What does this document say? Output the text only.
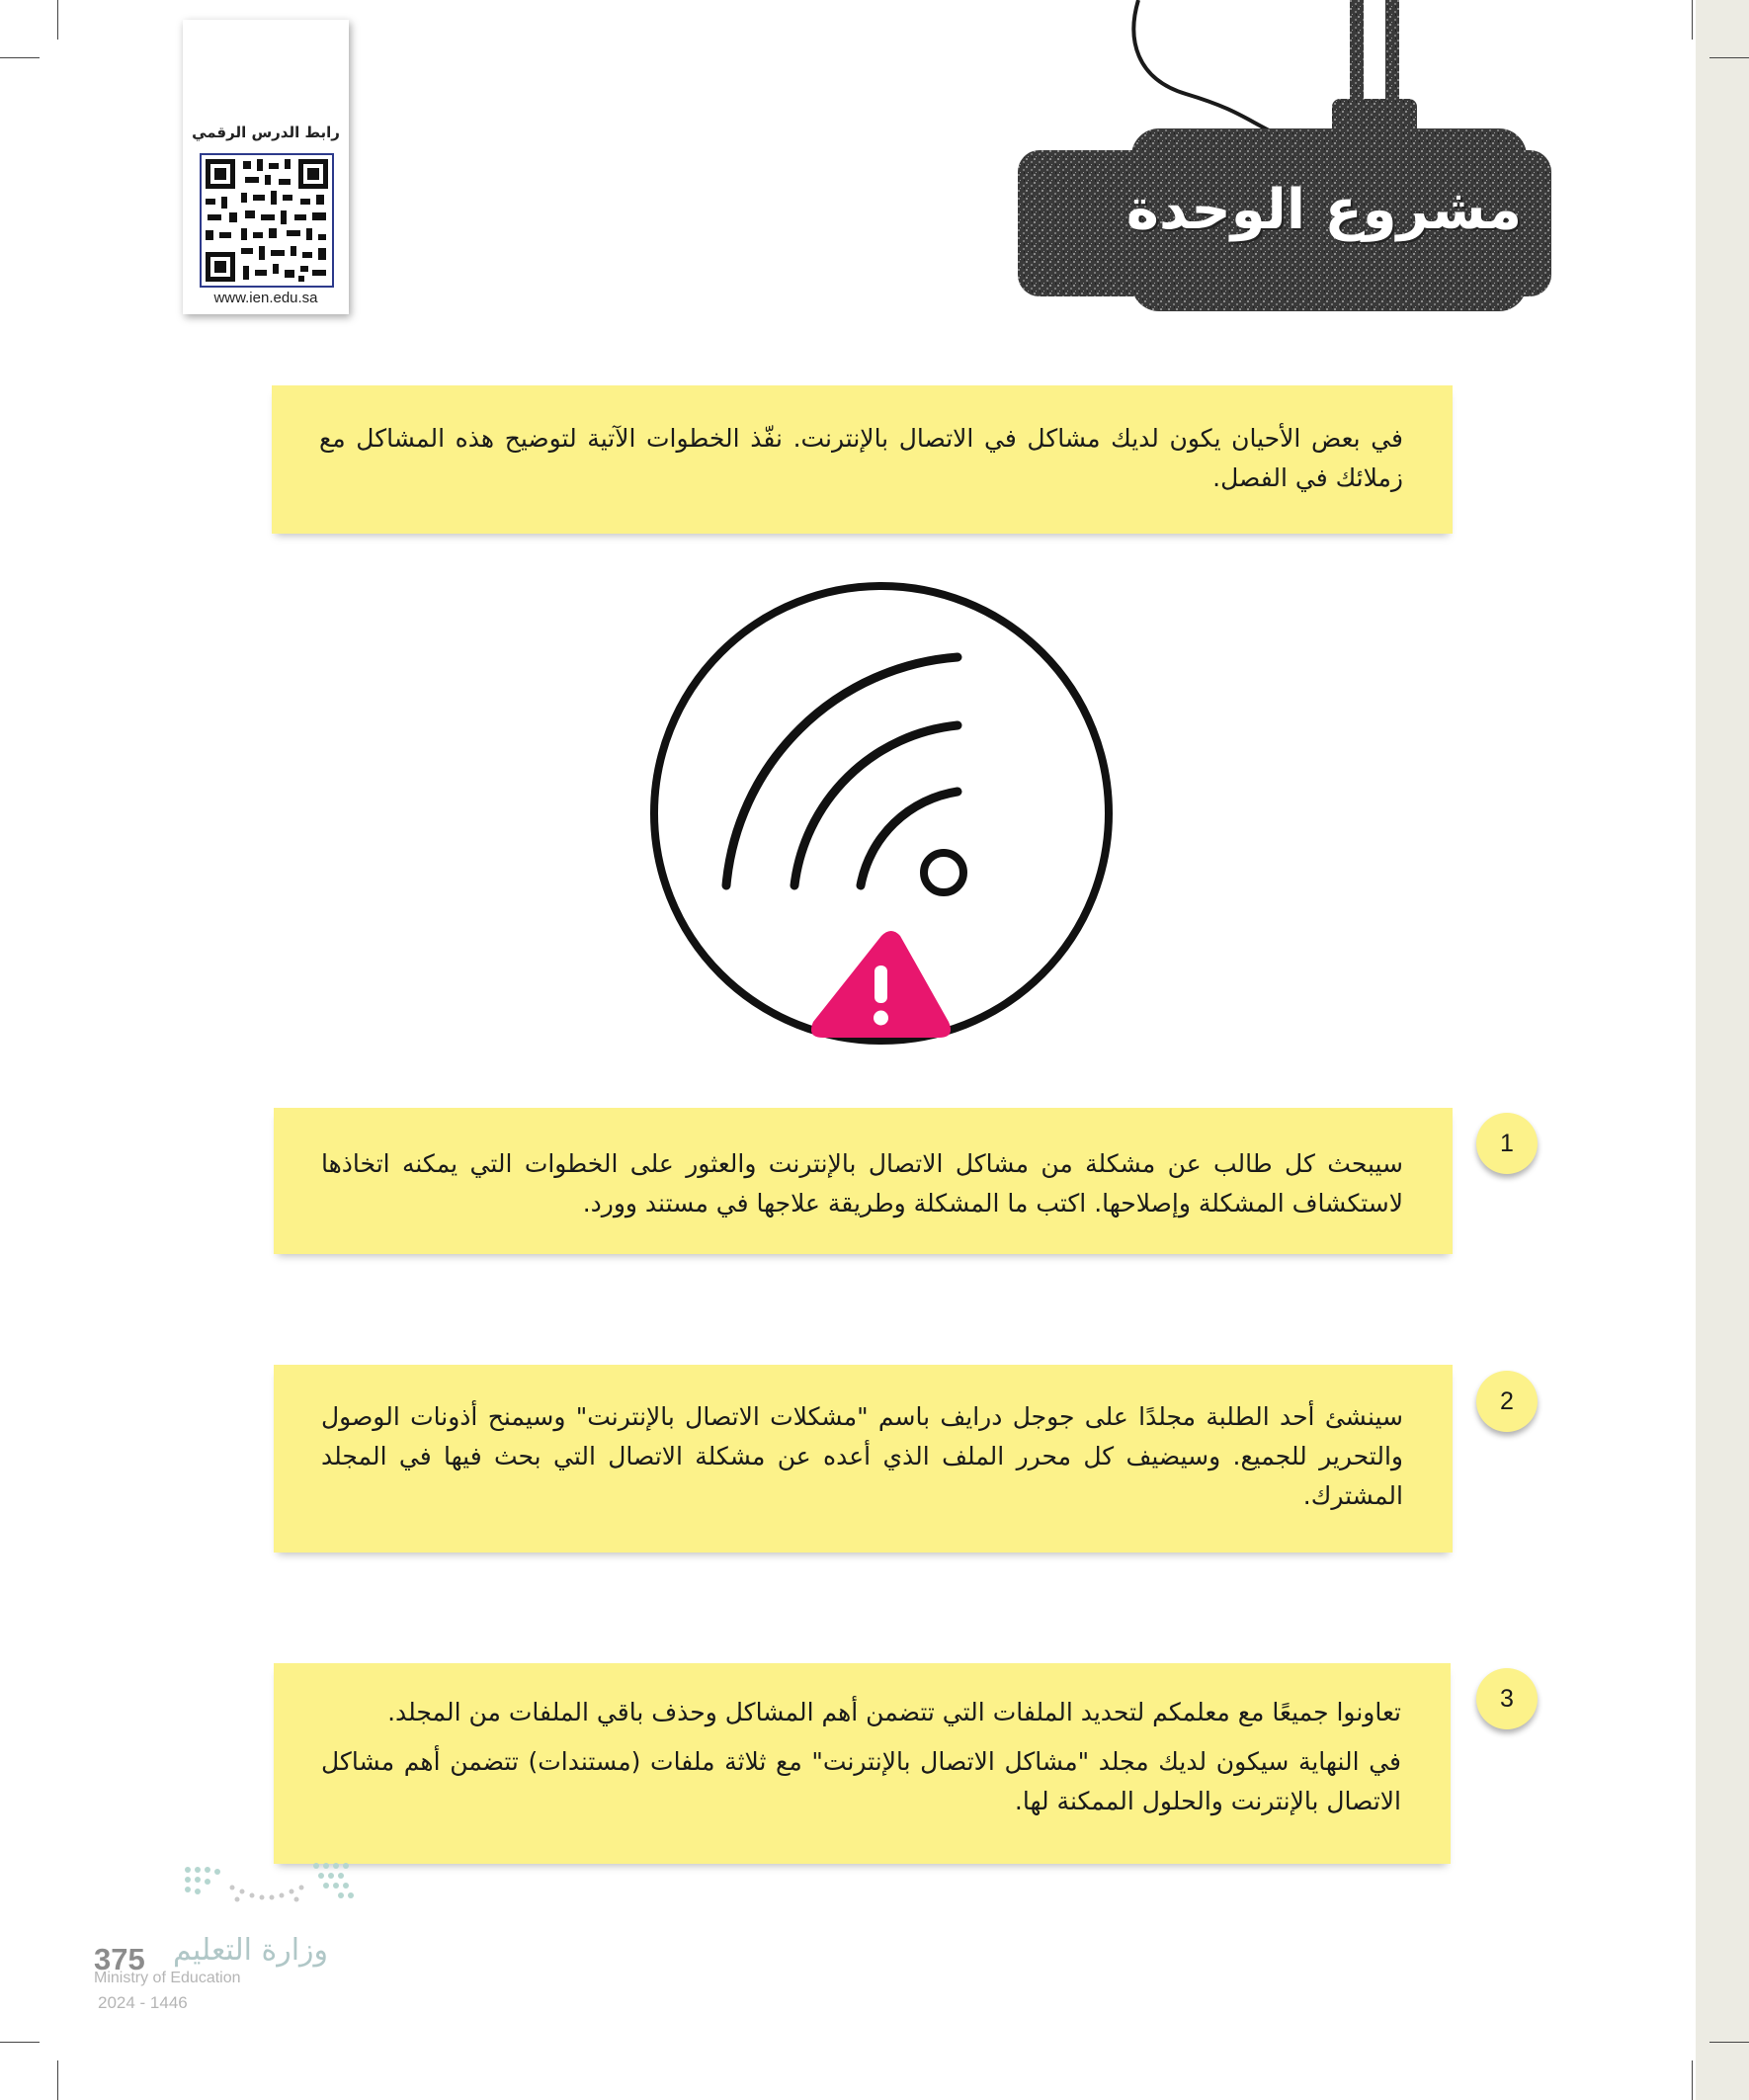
رابط الدرس الرقمي
www.ien.edu.sa
مشروع الوحدة

في بعض الأحيان يكون لديك مشاكل في الاتصال بالإنترنت. نفّذ الخطوات الآتية لتوضيح هذه المشاكل مع زملائك في الفصل.

سيبحث كل طالب عن مشكلة من مشاكل الاتصال بالإنترنت والعثور على الخطوات التي يمكنه اتخاذها لاستكشاف المشكلة وإصلاحها. اكتب ما المشكلة وطريقة علاجها في مستند وورد.

1

سينشئ أحد الطلبة مجلدًا على جوجل درايف باسم "مشكلات الاتصال بالإنترنت" وسيمنح أذونات الوصول والتحرير للجميع. وسيضيف كل محرر الملف الذي أعده عن مشكلة الاتصال التي بحث فيها في المجلد المشترك.

2

تعاونوا جميعًا مع معلمكم لتحديد الملفات التي تتضمن أهم المشاكل وحذف باقي الملفات من المجلد.

في النهاية سيكون لديك مجلد "مشاكل الاتصال بالإنترنت" مع ثلاثة ملفات (مستندات) تتضمن أهم مشاكل الاتصال بالإنترنت والحلول الممكنة لها.

3
وزارة التعليم
375
Ministry of Education
2024 - 1446
